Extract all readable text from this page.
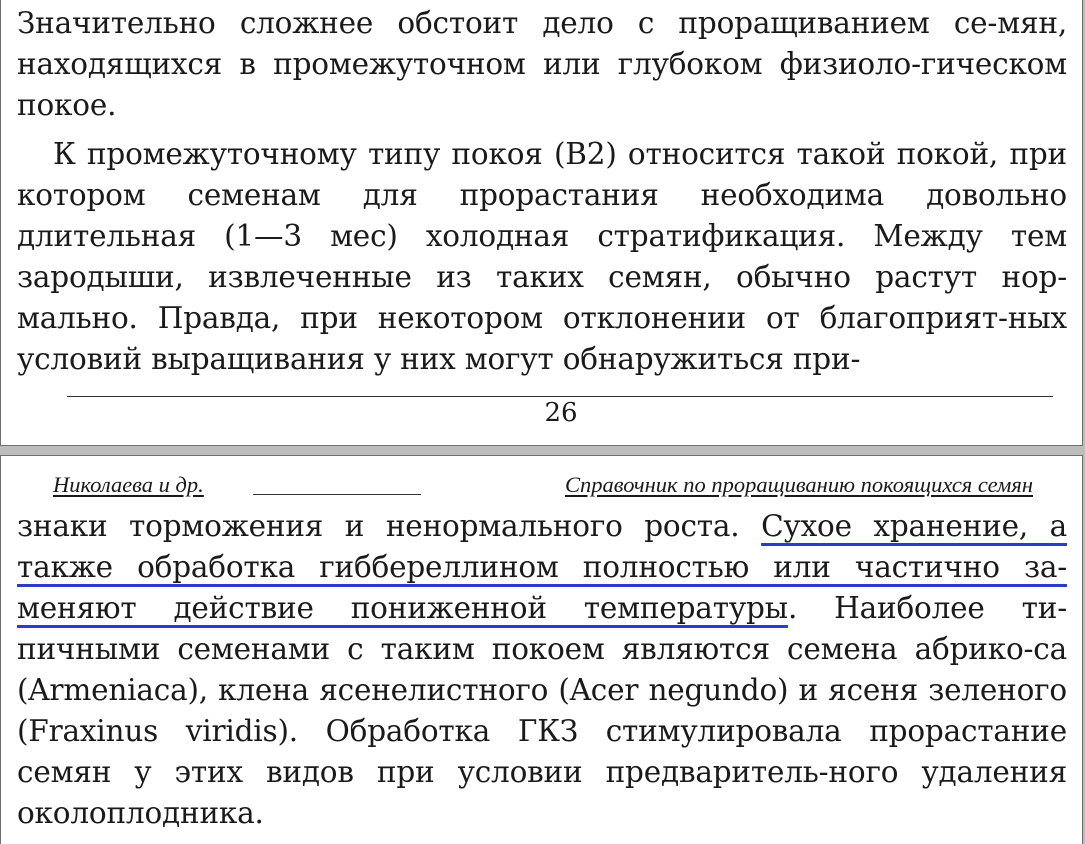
Значительно сложнее обстоит дело с проращиванием се-мян, находящихся в промежуточном или глубоком физиоло-гическом покое.

К промежуточному типу покоя (В2) относится такой покой, при котором семенам для прорастания необходима довольно длительная (1—3 мес) холодная стратификация. Между тем зародыши, извлеченные из таких семян, обычно растут нор-мально. Правда, при некотором отклонении от благоприят-ных условий выращивания у них могут обнаружиться при-

26
Николаева и др.	Справочник по проращиванию покоящихся семян

знаки торможения и ненормального роста. Сухое хранение, а также обработка гиббереллином полностью или частично за-меняют действие пониженной температуры. Наиболее ти-пичными семенами с таким покоем являются семена абрико-са (Armeniaca), клена ясенелистного (Acer negundo) и ясеня зеленого (Fraxinus viridis). Обработка ГКЗ стимулировала прорастание семян у этих видов при условии предваритель-ного удаления околоплодника.
